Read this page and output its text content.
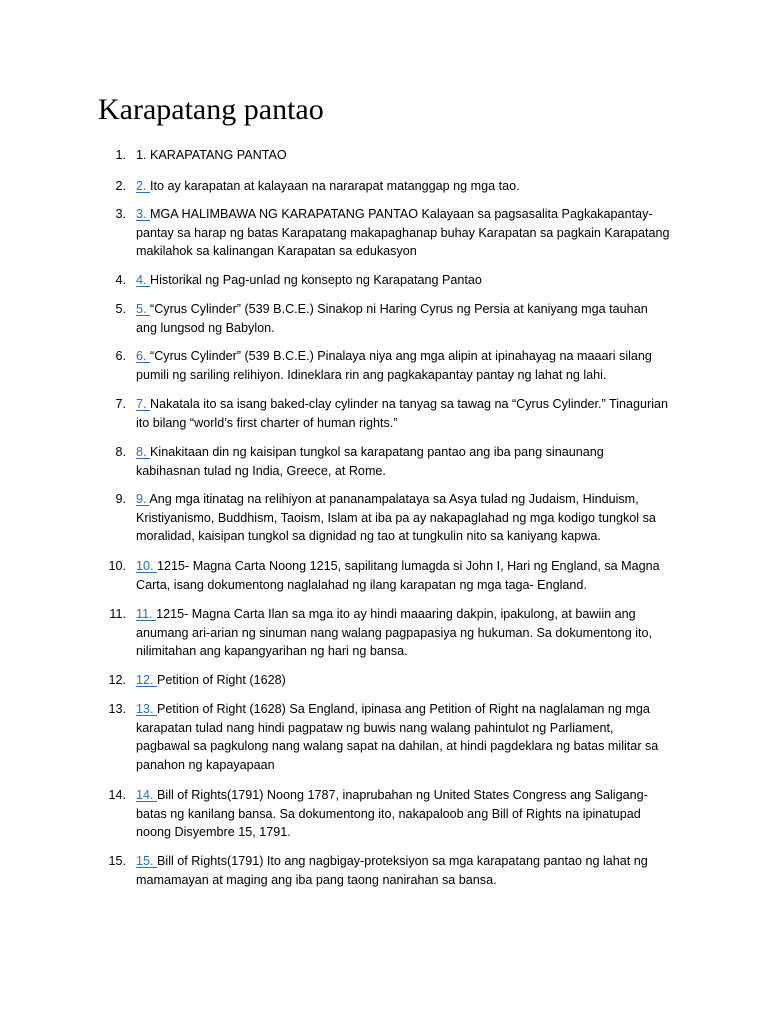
Karapatang pantao
1. 1. KARAPATANG PANTAO
2. 2. Ito ay karapatan at kalayaan na nararapat matanggap ng mga tao.
3. 3. MGA HALIMBAWA NG KARAPATANG PANTAO Kalayaan sa pagsasalita Pagkakapantay- pantay sa harap ng batas Karapatang makapaghanap buhay Karapatan sa pagkain Karapatang makilahok sa kalinangan Karapatan sa edukasyon
4. 4. Historikal ng Pag-unlad ng konsepto ng Karapatang Pantao
5. 5. “Cyrus Cylinder” (539 B.C.E.) Sinakop ni Haring Cyrus ng Persia at kaniyang mga tauhan ang lungsod ng Babylon.
6. 6. “Cyrus Cylinder” (539 B.C.E.) Pinalaya niya ang mga alipin at ipinahayag na maaari silang pumili ng sariling relihiyon. Idineklara rin ang pagkakapantay pantay ng lahat ng lahi.
7. 7. Nakatala ito sa isang baked-clay cylinder na tanyag sa tawag na “Cyrus Cylinder.” Tinagurian ito bilang “world’s first charter of human rights.”
8. 8. Kinakitaan din ng kaisipan tungkol sa karapatang pantao ang iba pang sinaunang kabihasnan tulad ng India, Greece, at Rome.
9. 9. Ang mga itinatag na relihiyon at pananampalataya sa Asya tulad ng Judaism, Hinduism, Kristiyanismo, Buddhism, Taoism, Islam at iba pa ay nakapaglahad ng mga kodigo tungkol sa moralidad, kaisipan tungkol sa dignidad ng tao at tungkulin nito sa kaniyang kapwa.
10. 10. 1215- Magna Carta Noong 1215, sapilitang lumagda si John I, Hari ng England, sa Magna Carta, isang dokumentong naglalahad ng ilang karapatan ng mga taga- England.
11. 11. 1215- Magna Carta Ilan sa mga ito ay hindi maaaring dakpin, ipakulong, at bawiin ang anumang ari-arian ng sinuman nang walang pagpapasiya ng hukuman. Sa dokumentong ito, nilimitahan ang kapangyarihan ng hari ng bansa.
12. 12. Petition of Right (1628)
13. 13. Petition of Right (1628) Sa England, ipinasa ang Petition of Right na naglalaman ng mga karapatan tulad nang hindi pagpataw ng buwis nang walang pahintulot ng Parliament, pagbawal sa pagkulong nang walang sapat na dahilan, at hindi pagdeklara ng batas militar sa panahon ng kapayapaan
14. 14. Bill of Rights(1791) Noong 1787, inaprubahan ng United States Congress ang Saligang-batas ng kanilang bansa. Sa dokumentong ito, nakapaloob ang Bill of Rights na ipinatupad noong Disyembre 15, 1791.
15. 15. Bill of Rights(1791) Ito ang nagbigay-proteksiyon sa mga karapatang pantao ng lahat ng mamamayan at maging ang iba pang taong nanirahan sa bansa.
